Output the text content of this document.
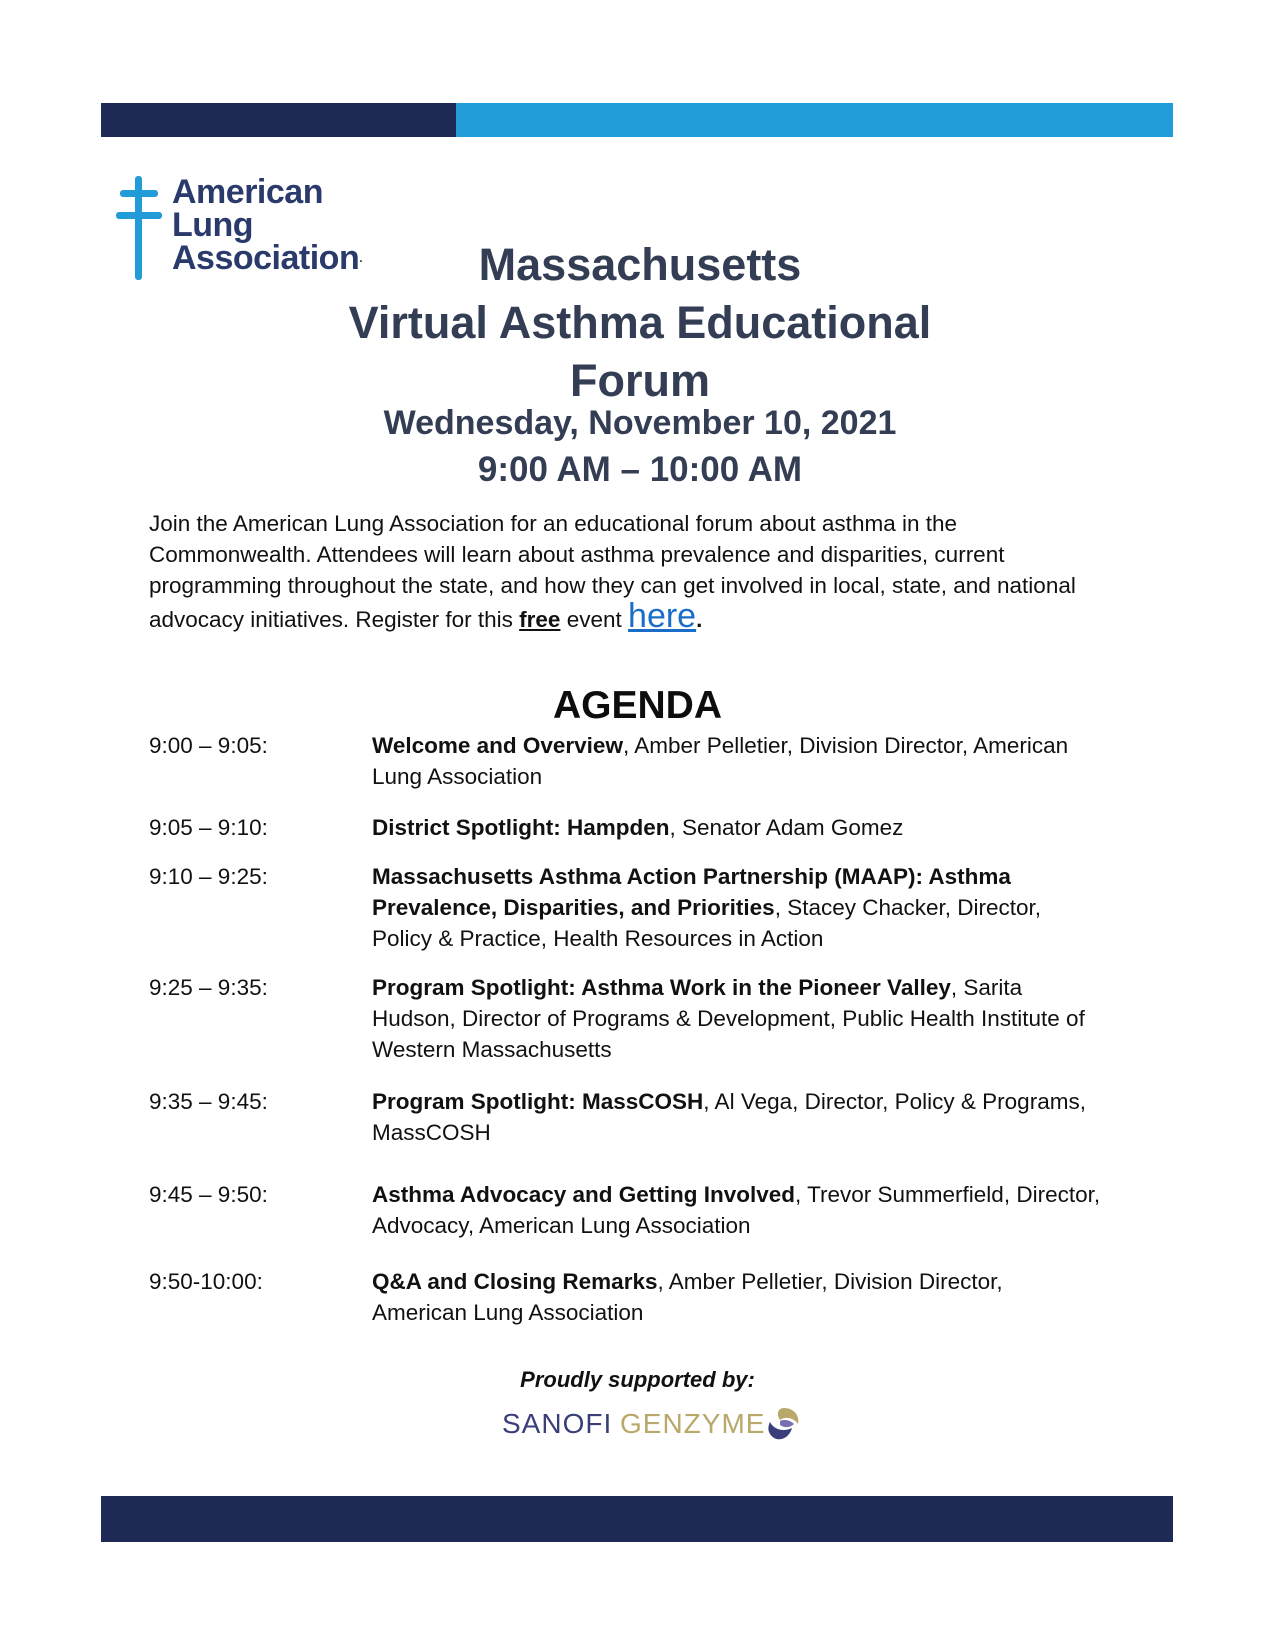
American
Lung
Association.	Massachusetts
Virtual Asthma Educational
Forum
Wednesday, November 10, 2021
9:00 AM – 10:00 AM
Join the American Lung Association for an educational forum about asthma in the Commonwealth. Attendees will learn about asthma prevalence and disparities, current programming throughout the state, and how they can get involved in local, state, and national advocacy initiatives. Register for this free event here.
AGENDA
9:00 – 9:05:	Welcome and Overview, Amber Pelletier, Division Director, American Lung Association
9:05 – 9:10:	District Spotlight: Hampden, Senator Adam Gomez
9:10 – 9:25:	Massachusetts Asthma Action Partnership (MAAP): Asthma Prevalence, Disparities, and Priorities, Stacey Chacker, Director, Policy & Practice, Health Resources in Action
9:25 – 9:35:	Program Spotlight: Asthma Work in the Pioneer Valley, Sarita Hudson, Director of Programs & Development, Public Health Institute of Western Massachusetts
9:35 – 9:45:	Program Spotlight: MassCOSH, Al Vega, Director, Policy & Programs, MassCOSH
9:45 – 9:50:	Asthma Advocacy and Getting Involved, Trevor Summerfield, Director, Advocacy, American Lung Association
9:50-10:00:	Q&A and Closing Remarks, Amber Pelletier, Division Director, American Lung Association
Proudly supported by:
SANOFI GENZYME
